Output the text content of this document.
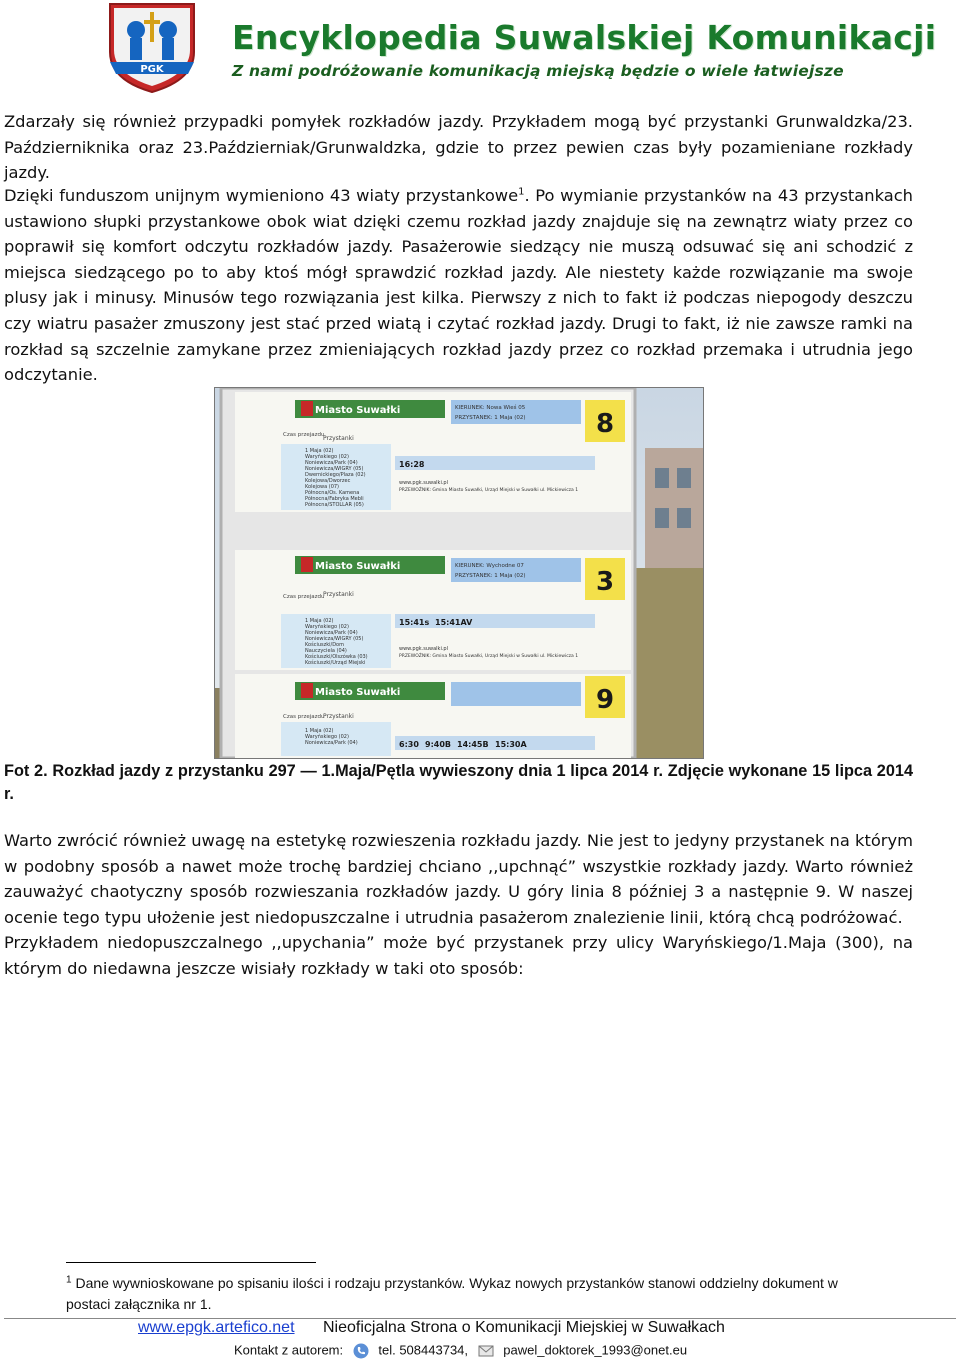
PGK
Encyklopedia Suwalskiej Komunikacji
Z nami podróżowanie komunikacją miejską będzie o wiele łatwiejsze

Zdarzały się również przypadki pomyłek rozkładów jazdy. Przykładem mogą być przystanki Grunwaldzka/23. Październiknika oraz 23.Październiak/Grunwaldzka, gdzie to przez pewien czas były pozamieniane rozkłady jazdy.

Dzięki funduszom unijnym wymieniono 43 wiaty przystankowe$^1$. Po wymianie przystanków na 43 przystankach ustawiono słupki przystankowe obok wiat dzięki czemu rozkład jazdy znajduje się na zewnątrz wiaty przez co poprawił się komfort odczytu rozkładów jazdy. Pasażerowie siedzący nie muszą odsuwać się ani schodzić z miejsca siedzącego po to aby ktoś mógł sprawdzić rozkład jazdy. Ale niestety każde rozwiązanie ma swoje plusy jak i minusy. Minusów tego rozwiązania jest kilka. Pierwszy z nich to fakt iż podczas niepogody deszczu czy wiatru pasażer zmuszony jest stać przed wiatą i czytać rozkład jazdy. Drugi to fakt, iż nie zawsze ramki na rozkład są szczelnie zamykane przez zmieniających rozkład jazdy przez co rozkład przemaka i utrudnia jego odczytanie.

Miasto Suwałki	KIERUNEK: Nowa Wieś 05
PRZYSTANEK: 1 Maja (02)	8
Czas przejazdu
Przystanki
1 Maja (02)
Waryńskiego (02)
Noniewicza/Park (04)
Noniewicza/WIGRY (05)
Dwernickiego/Plaza (02)
Kolejowa/Dworzec
Kolejowa (07)
Północna/Os. Kamena
Północna/Fabryka Mebli
Północna/STOLLAR (05)
16:28
www.pgk.suwalki.pl
PRZEWOŹNIK: Gmina Miasto Suwałki, Urząd Miejski w Suwałki ul. Mickiewicza 1
Miasto Suwałki	KIERUNEK: Wychodne 07
PRZYSTANEK: 1 Maja (02)	3
Czas przejazdu
Przystanki
1 Maja (02)
Waryńskiego (02)
Noniewicza/Park (04)
Noniewicza/WIGRY (05)
Kościuszki/Dom
Nauczyciela (04)
Kościuszki/Olszówka (03)
Kościuszki/Urząd Miejski
15:41s 15:41AV
www.pgk.suwalki.pl
PRZEWOŹNIK: Gmina Miasto Suwałki, Urząd Miejski w Suwałki ul. Mickiewicza 1
Miasto Suwałki	9
Czas przejazdu
Przystanki
1 Maja (02)
Waryńskiego (02)
Noniewicza/Park (04)	6:30 9:40B 14:45B 15:30A
Fot 2. Rozkład jazdy z przystanku 297 — 1.Maja/Pętla wywieszony dnia 1 lipca 2014 r. Zdjęcie wykonane 15 lipca 2014 r.

Warto zwrócić również uwagę na estetykę rozwieszenia rozkładu jazdy. Nie jest to jedyny przystanek na którym w podobny sposób a nawet może trochę bardziej chciano ,,upchnąć” wszystkie rozkłady jazdy. Warto również zauważyć chaotyczny sposób rozwieszania rozkładów jazdy. U góry linia 8 później 3 a następnie 9. W naszej ocenie tego typu ułożenie jest niedopuszczalne i utrudnia pasażerom znalezienie linii, którą chcą podróżować.

Przykładem niedopuszczalnego ,,upychania” może być przystanek przy ulicy Waryńskiego/1.Maja (300), na którym do niedawna jeszcze wisiały rozkłady w taki oto sposób:

$^1$ Dane wywnioskowane po spisaniu ilości i rodzaju przystanków. Wykaz nowych przystanków stanowi oddzielny dokument w postaci załącznika nr 1.
www.epgk.artefico.net Nieoficjalna Strona o Komunikacji Miejskiej w Suwałkach
Kontakt z autorem:	tel. 508443734,	pawel_doktorek_1993@onet.eu
